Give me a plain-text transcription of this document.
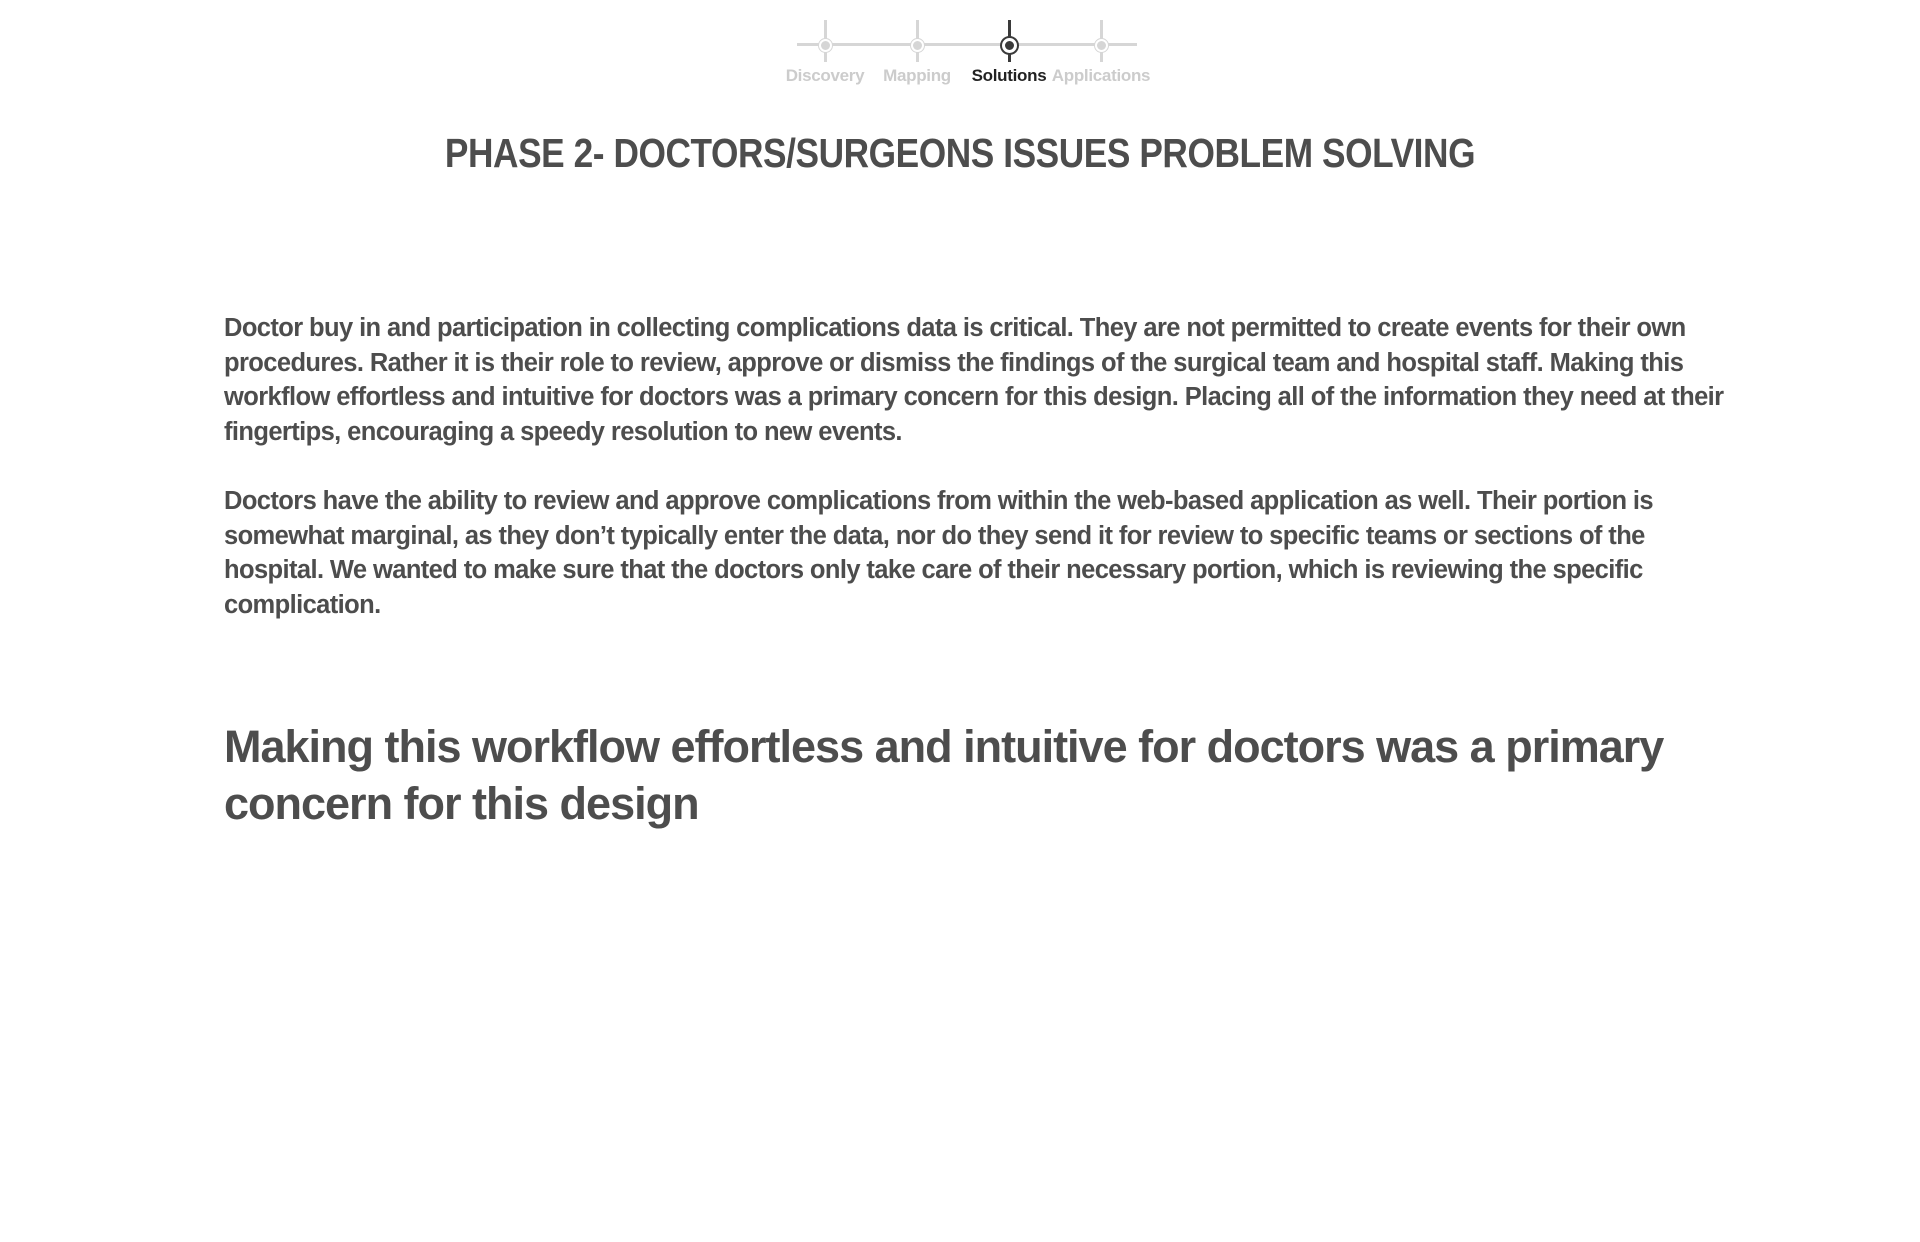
Discovery	Mapping	Solutions Applications
PHASE 2- DOCTORS/SURGEONS ISSUES PROBLEM SOLVING

Doctor buy in and participation in collecting complications data is critical. They are not permitted to create events for their own procedures. Rather it is their role to review, approve or dismiss the findings of the surgical team and hospital staff. Making this workflow effortless and intuitive for doctors was a primary concern for this design. Placing all of the information they need at their fingertips, encouraging a speedy resolution to new events.

Doctors have the ability to review and approve complications from within the web-based application as well. Their portion is somewhat marginal, as they don’t typically enter the data, nor do they send it for review to specific teams or sections of the hospital. We wanted to make sure that the doctors only take care of their necessary portion, which is reviewing the specific complication.

Making this workflow effortless and intuitive for doctors was a primary concern for this design
